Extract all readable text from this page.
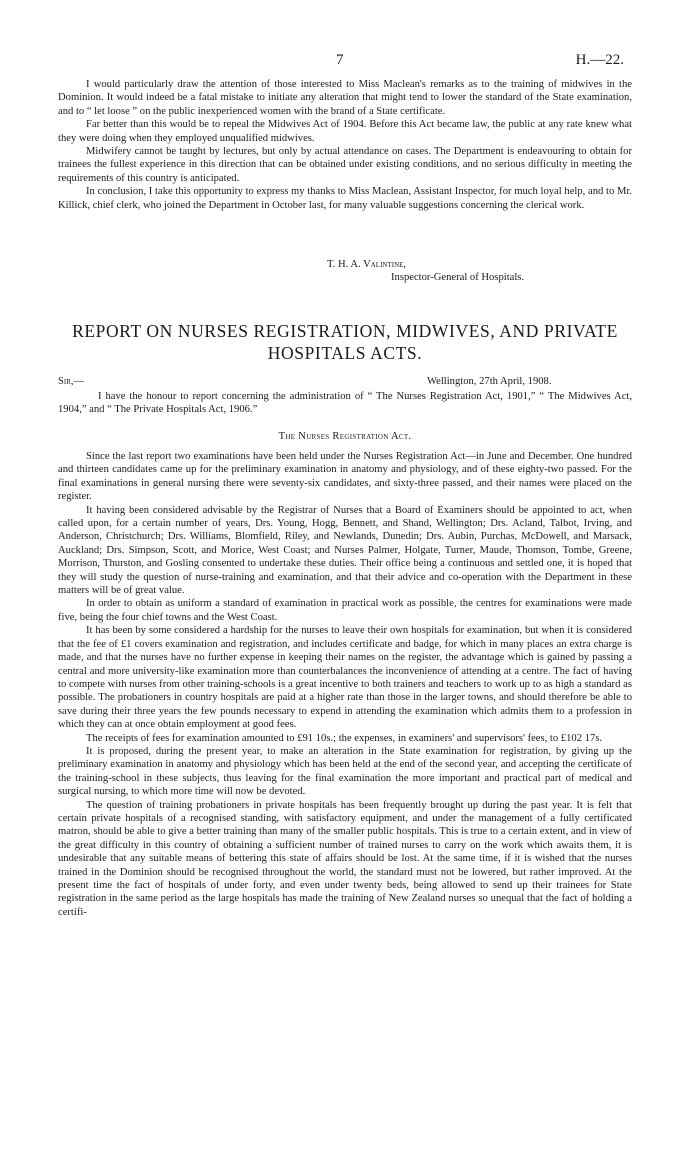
7	H.—22.

I would particularly draw the attention of those interested to Miss Maclean's remarks as to the training of midwives in the Dominion. It would indeed be a fatal mistake to initiate any alteration that might tend to lower the standard of the State examination, and to “ let loose ” on the public inexperienced women with the brand of a State certificate.

Far better than this would be to repeal the Midwives Act of 1904. Before this Act became law, the public at any rate knew what they were doing when they employed unqualified midwives.

Midwifery cannot be taught by lectures, but only by actual attendance on cases. The Department is endeavouring to obtain for trainees the fullest experience in this direction that can be obtained under existing conditions, and no serious difficulty in meeting the requirements of this country is anticipated.

In conclusion, I take this opportunity to express my thanks to Miss Maclean, Assistant Inspector, for much loyal help, and to Mr. Killick, chief clerk, who joined the Department in October last, for many valuable suggestions concerning the clerical work.

T. H. A. Valintine,
Inspector-General of Hospitals.
REPORT ON NURSES REGISTRATION, MIDWIVES, AND PRIVATE HOSPITALS ACTS.
Sir,—	Wellington, 27th April, 1908.

I have the honour to report concerning the administration of “ The Nurses Registration Act, 1901,” “ The Midwives Act, 1904,” and “ The Private Hospitals Act, 1906.”

The Nurses Registration Act.

Since the last report two examinations have been held under the Nurses Registration Act—in June and December. One hundred and thirteen candidates came up for the preliminary examination in anatomy and physiology, and of these eighty-two passed. For the final examinations in general nursing there were seventy-six candidates, and sixty-three passed, and their names were placed on the register.

It having been considered advisable by the Registrar of Nurses that a Board of Examiners should be appointed to act, when called upon, for a certain number of years, Drs. Young, Hogg, Bennett, and Shand, Wellington; Drs. Acland, Talbot, Irving, and Anderson, Christchurch; Drs. Williams, Blomfield, Riley, and Newlands, Dunedin; Drs. Aubin, Purchas, McDowell, and Marsack, Auckland; Drs. Simpson, Scott, and Morice, West Coast; and Nurses Palmer, Holgate, Turner, Maude, Thomson, Tombe, Greene, Morrison, Thurston, and Gosling consented to undertake these duties. Their office being a continuous and settled one, it is hoped that they will study the question of nurse-training and examination, and that their advice and co-operation with the Department in these matters will be of great value.

In order to obtain as uniform a standard of examination in practical work as possible, the centres for examinations were made five, being the four chief towns and the West Coast.

It has been by some considered a hardship for the nurses to leave their own hospitals for examination, but when it is considered that the fee of £1 covers examination and registration, and includes certificate and badge, for which in many places an extra charge is made, and that the nurses have no further expense in keeping their names on the register, the advantage which is gained by passing a central and more university-like examination more than counterbalances the inconvenience of attending at a centre. The fact of having to compete with nurses from other training-schools is a great incentive to both trainers and teachers to work up to as high a standard as possible. The probationers in country hospitals are paid at a higher rate than those in the larger towns, and should therefore be able to save during their three years the few pounds necessary to expend in attending the examination which admits them to a profession in which they can at once obtain employment at good fees.

The receipts of fees for examination amounted to £91 10s.; the expenses, in examiners' and supervisors' fees, to £102 17s.

It is proposed, during the present year, to make an alteration in the State examination for registration, by giving up the preliminary examination in anatomy and physiology which has been held at the end of the second year, and accepting the certificate of the training-school in these subjects, thus leaving for the final examination the more important and practical part of medical and surgical nursing, to which more time will now be devoted.

The question of training probationers in private hospitals has been frequently brought up during the past year. It is felt that certain private hospitals of a recognised standing, with satisfactory equipment, and under the management of a fully certificated matron, should be able to give a better training than many of the smaller public hospitals. This is true to a certain extent, and in view of the great difficulty in this country of obtaining a sufficient number of trained nurses to carry on the work which awaits them, it is undesirable that any suitable means of bettering this state of affairs should be lost. At the same time, if it is wished that the nurses trained in the Dominion should be recognised throughout the world, the standard must not be lowered, but rather improved. At the present time the fact of hospitals of under forty, and even under twenty beds, being allowed to send up their trainees for State registration in the same period as the large hospitals has made the training of New Zealand nurses so unequal that the fact of holding a certifi-
